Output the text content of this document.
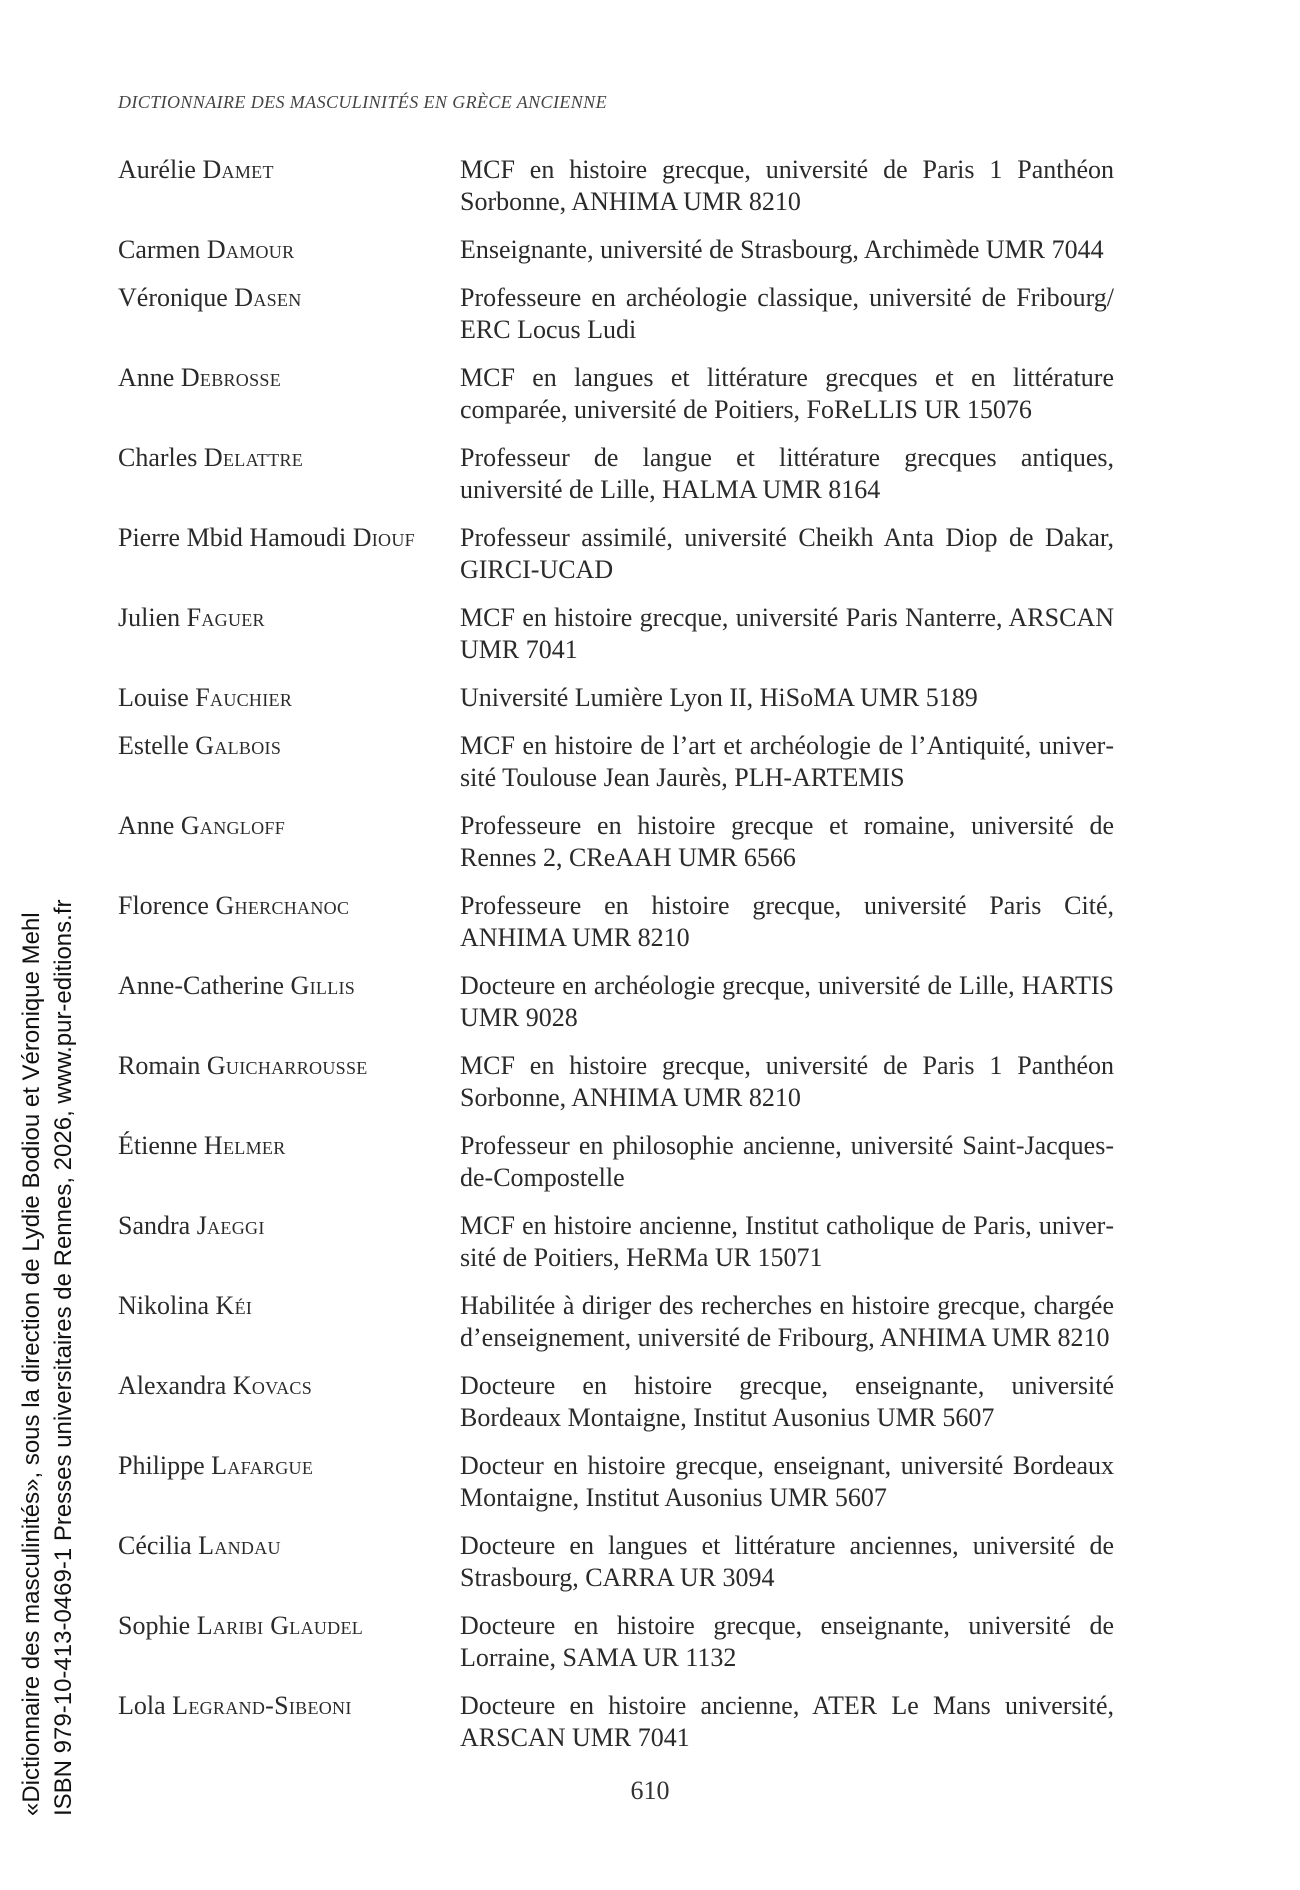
DICTIONNAIRE DES MASCULINITÉS EN GRÈCE ANCIENNE
Aurélie Damet	MCF en histoire grecque, université de Paris 1 Panthéon Sorbonne, ANHIMA UMR 8210
Carmen Damour	Enseignante, université de Strasbourg, Archimède UMR 7044
Véronique Dasen	Professeure en archéologie classique, université de Fribourg/ ERC Locus Ludi
Anne Debrosse	MCF en langues et littérature grecques et en littérature comparée, université de Poitiers, FoReLLIS UR 15076
Charles Delattre	Professeur de langue et littérature grecques antiques, université de Lille, HALMA UMR 8164
Pierre Mbid Hamoudi Diouf	Professeur assimilé, université Cheikh Anta Diop de Dakar, GIRCI-UCAD
Julien Faguer	MCF en histoire grecque, université Paris Nanterre, ARSCAN UMR 7041
Louise Fauchier	Université Lumière Lyon II, HiSoMA UMR 5189
Estelle Galbois	MCF en histoire de l’art et archéologie de l’Antiquité, université Toulouse Jean Jaurès, PLH-ARTEMIS
Anne Gangloff	Professeure en histoire grecque et romaine, université de Rennes 2, CReAAH UMR 6566
Florence Gherchanoc	Professeure en histoire grecque, université Paris Cité, ANHIMA UMR 8210
Anne-Catherine Gillis	Docteure en archéologie grecque, université de Lille, HARTIS UMR 9028
Romain Guicharrousse	MCF en histoire grecque, université de Paris 1 Panthéon Sorbonne, ANHIMA UMR 8210
Étienne Helmer	Professeur en philosophie ancienne, université Saint-Jacques-de-Compostelle
Sandra Jaeggi	MCF en histoire ancienne, Institut catholique de Paris, université de Poitiers, HeRMa UR 15071
Nikolina Kéi	Habilitée à diriger des recherches en histoire grecque, chargée d’enseignement, université de Fribourg, ANHIMA UMR 8210
Alexandra Kovacs	Docteure en histoire grecque, enseignante, université Bordeaux Montaigne, Institut Ausonius UMR 5607
Philippe Lafargue	Docteur en histoire grecque, enseignant, université Bordeaux Montaigne, Institut Ausonius UMR 5607
Cécilia Landau	Docteure en langues et littérature anciennes, université de Strasbourg, CARRA UR 3094
Sophie Laribi Glaudel	Docteure en histoire grecque, enseignante, université de Lorraine, SAMA UR 1132
Lola Legrand-Sibeoni	Docteure en histoire ancienne, ATER Le Mans université, ARSCAN UMR 7041
610
«Dictionnaire des masculinités», sous la direction de Lydie Bodiou et Véronique Mehl ISBN 979-10-413-0469-1 Presses universitaires de Rennes, 2026, www.pur-editions.fr
